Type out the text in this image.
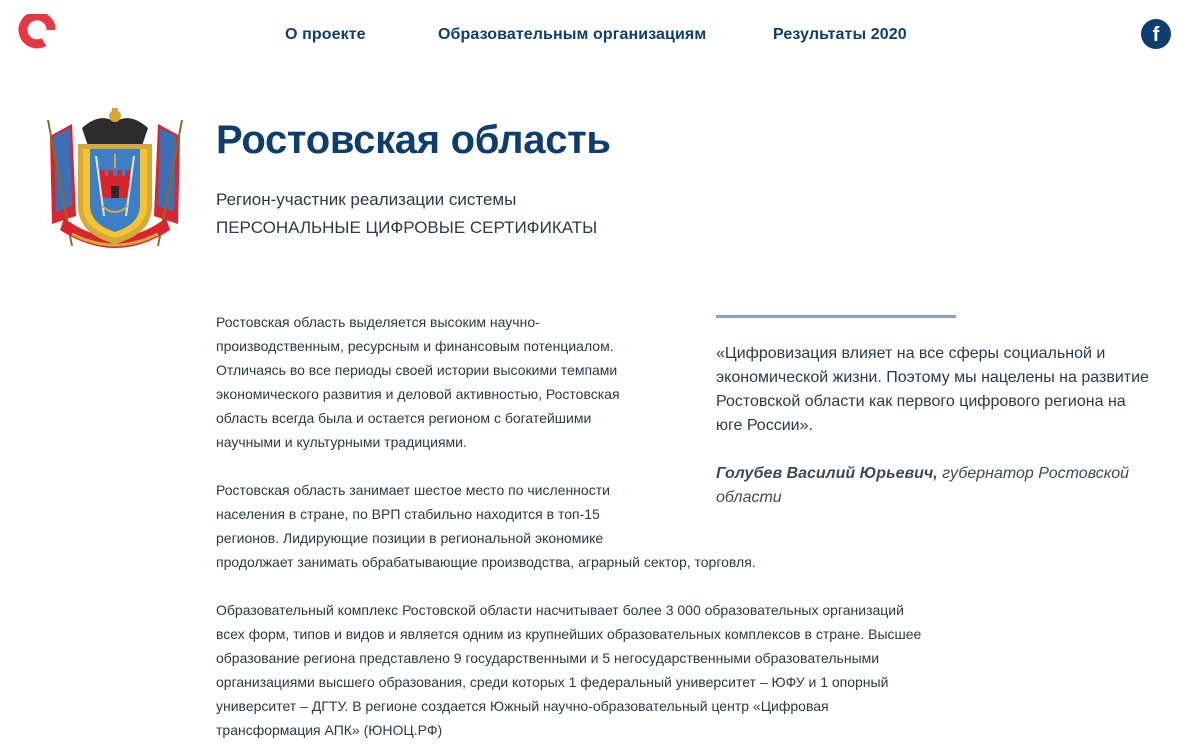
О проекте	Образовательным организациям	Результаты 2020	f
Ростовская область
Регион-участник реализации системы
ПЕРСОНАЛЬНЫЕ ЦИФРОВЫЕ СЕРТИФИКАТЫ
Ростовская область выделяется высоким научно-
производственным, ресурсным и финансовым потенциалом.
Отличаясь во все периоды своей истории высокими темпами
экономического развития и деловой активностью, Ростовская
область всегда была и остается регионом с богатейшими
научными и культурными традициями.
Ростовская область занимает шестое место по численности
населения в стране, по ВРП стабильно находится в топ-15
регионов. Лидирующие позиции в региональной экономике
продолжает занимать обрабатывающие производства, аграрный сектор, торговля.
Образовательный комплекс Ростовской области насчитывает более 3 000 образовательных организаций
всех форм, типов и видов и является одним из крупнейших образовательных комплексов в стране. Высшее
образование региона представлено 9 государственными и 5 негосударственными образовательными
организациями высшего образования, среди которых 1 федеральный университет – ЮФУ и 1 опорный
университет – ДГТУ. В регионе создается Южный научно-образовательный центр «Цифровая
трансформация АПК» (ЮНОЦ.РФ)
«Цифровизация влияет на все сферы социальной и
экономической жизни. Поэтому мы нацелены на развитие
Ростовской области как первого цифрового региона на
юге России».
Голубев Василий Юрьевич, губернатор Ростовской
области
